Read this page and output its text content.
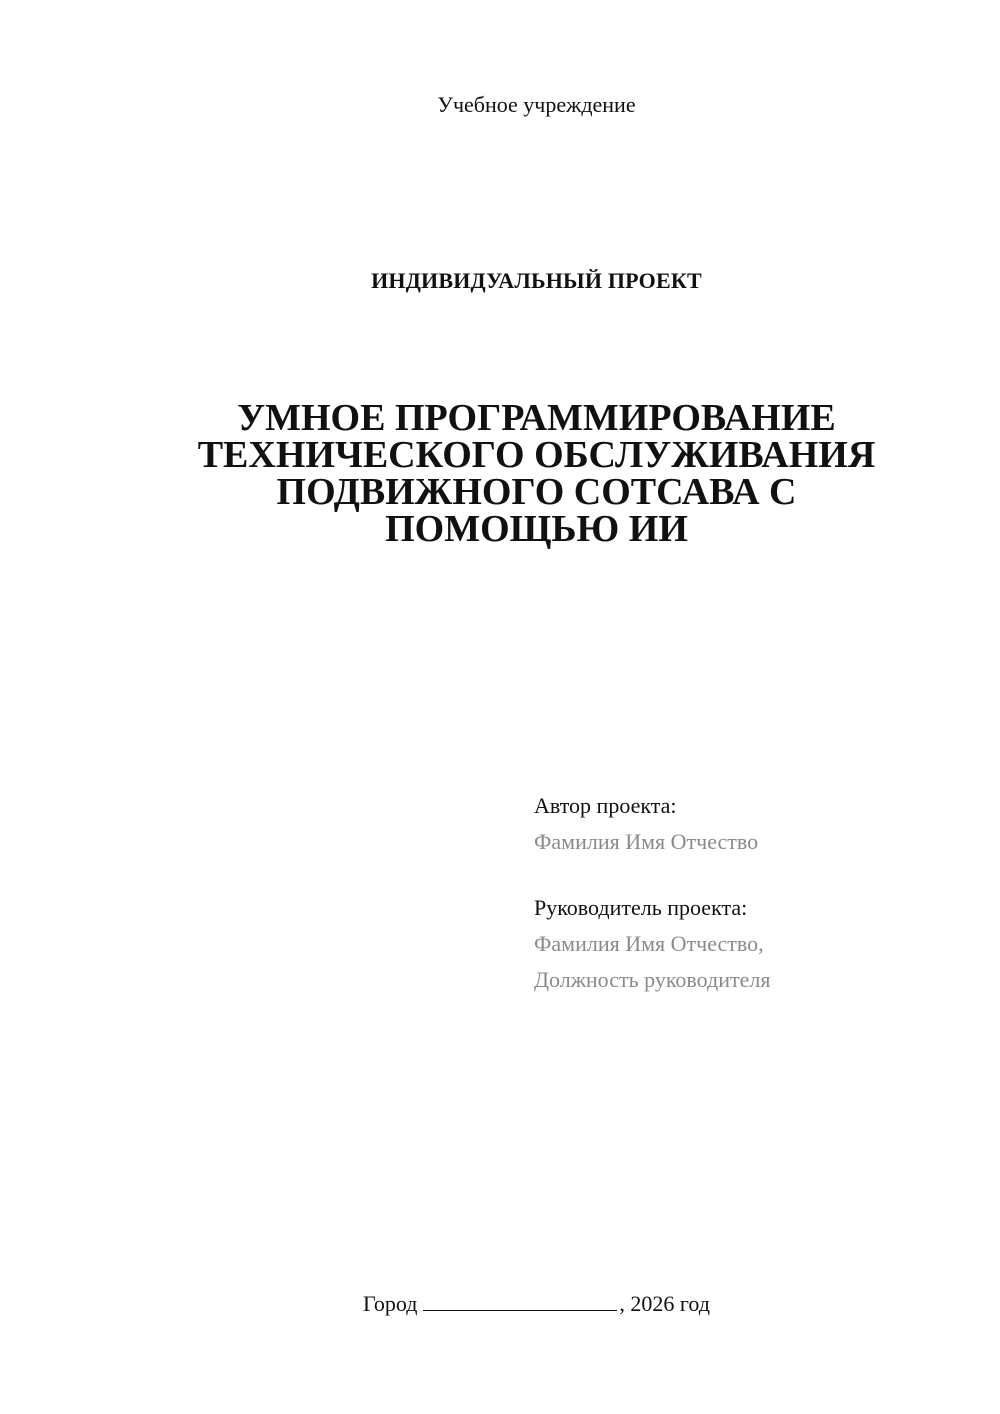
Учебное учреждение
ИНДИВИДУАЛЬНЫЙ ПРОЕКТ
УМНОЕ ПРОГРАММИРОВАНИЕ
ТЕХНИЧЕСКОГО ОБСЛУЖИВАНИЯ
ПОДВИЖНОГО СОТСАВА С
ПОМОЩЬЮ ИИ
Автор проекта:
Фамилия Имя Отчество
Руководитель проекта:
Фамилия Имя Отчество,
Должность руководителя
Город	, 2026 год
